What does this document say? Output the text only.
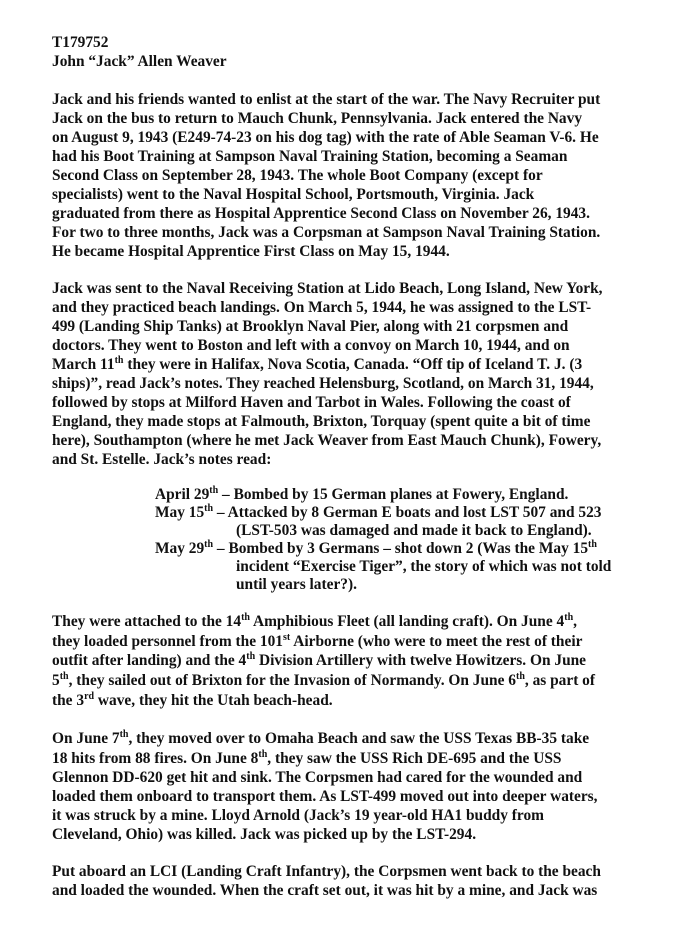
T179752
John “Jack” Allen Weaver
Jack and his friends wanted to enlist at the start of the war. The Navy Recruiter put
Jack on the bus to return to Mauch Chunk, Pennsylvania. Jack entered the Navy
on August 9, 1943 (E249-74-23 on his dog tag) with the rate of Able Seaman V-6. He
had his Boot Training at Sampson Naval Training Station, becoming a Seaman
Second Class on September 28, 1943. The whole Boot Company (except for
specialists) went to the Naval Hospital School, Portsmouth, Virginia. Jack
graduated from there as Hospital Apprentice Second Class on November 26, 1943.
For two to three months, Jack was a Corpsman at Sampson Naval Training Station.
He became Hospital Apprentice First Class on May 15, 1944.
Jack was sent to the Naval Receiving Station at Lido Beach, Long Island, New York,
and they practiced beach landings. On March 5, 1944, he was assigned to the LST-
499 (Landing Ship Tanks) at Brooklyn Naval Pier, along with 21 corpsmen and
doctors. They went to Boston and left with a convoy on March 10, 1944, and on
March 11th they were in Halifax, Nova Scotia, Canada. “Off tip of Iceland T. J. (3
ships)”, read Jack’s notes. They reached Helensburg, Scotland, on March 31, 1944,
followed by stops at Milford Haven and Tarbot in Wales. Following the coast of
England, they made stops at Falmouth, Brixton, Torquay (spent quite a bit of time
here), Southampton (where he met Jack Weaver from East Mauch Chunk), Fowery,
and St. Estelle. Jack’s notes read:
April 29th – Bombed by 15 German planes at Fowery, England.
May 15th – Attacked by 8 German E boats and lost LST 507 and 523
(LST-503 was damaged and made it back to England).
May 29th – Bombed by 3 Germans – shot down 2 (Was the May 15th
incident “Exercise Tiger”, the story of which was not told
until years later?).
They were attached to the 14th Amphibious Fleet (all landing craft). On June 4th,
they loaded personnel from the 101st Airborne (who were to meet the rest of their
outfit after landing) and the 4th Division Artillery with twelve Howitzers. On June
5th, they sailed out of Brixton for the Invasion of Normandy. On June 6th, as part of
the 3rd wave, they hit the Utah beach-head.
On June 7th, they moved over to Omaha Beach and saw the USS Texas BB-35 take
18 hits from 88 fires. On June 8th, they saw the USS Rich DE-695 and the USS
Glennon DD-620 get hit and sink. The Corpsmen had cared for the wounded and
loaded them onboard to transport them. As LST-499 moved out into deeper waters,
it was struck by a mine. Lloyd Arnold (Jack’s 19 year-old HA1 buddy from
Cleveland, Ohio) was killed. Jack was picked up by the LST-294.
Put aboard an LCI (Landing Craft Infantry), the Corpsmen went back to the beach
and loaded the wounded. When the craft set out, it was hit by a mine, and Jack was
